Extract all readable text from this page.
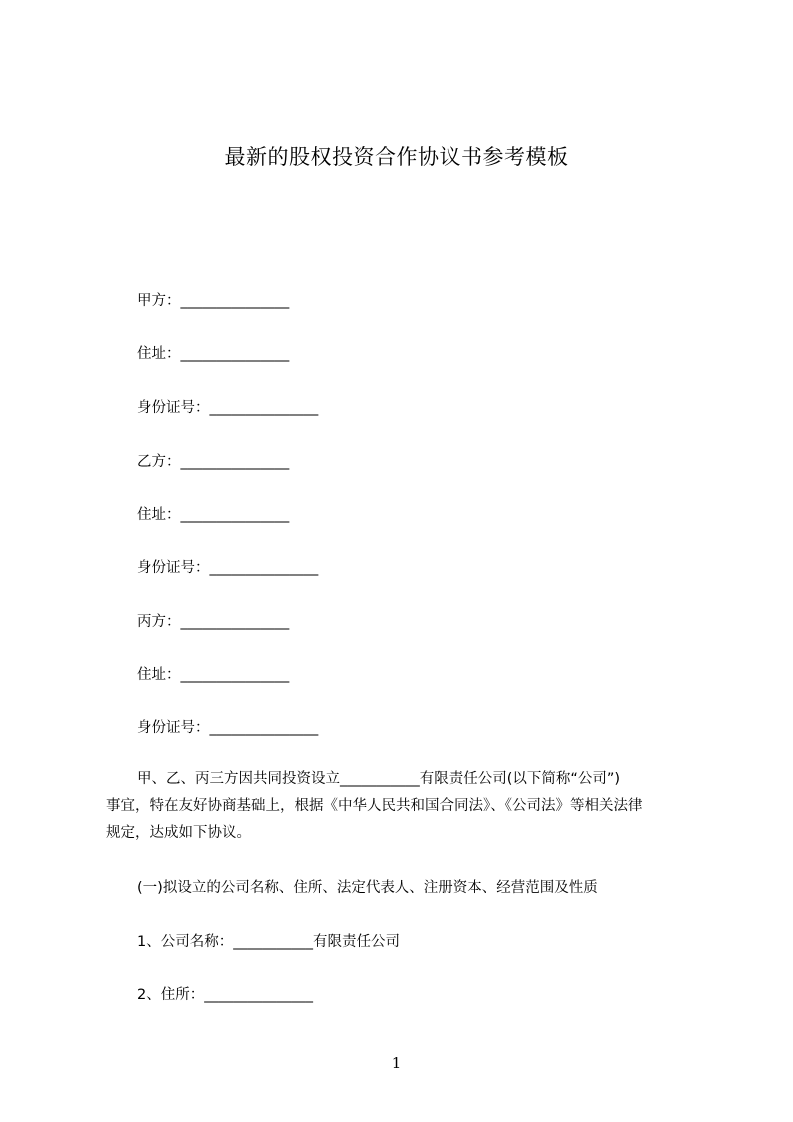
最新的股权投资合作协议书参考模板
甲方：_______________
住址：_______________
身份证号：_______________
乙方：_______________
住址：_______________
身份证号：_______________
丙方：_______________
住址：_______________
身份证号：_______________
甲、乙、丙三方因共同投资设立___________有限责任公司(以下简称“公司”)
事宜，特在友好协商基础上，根据《中华人民共和国合同法》、《公司法》等相关法律
规定，达成如下协议。
(一)拟设立的公司名称、住所、法定代表人、注册资本、经营范围及性质
1、公司名称：___________有限责任公司
2、住所：_______________
1
